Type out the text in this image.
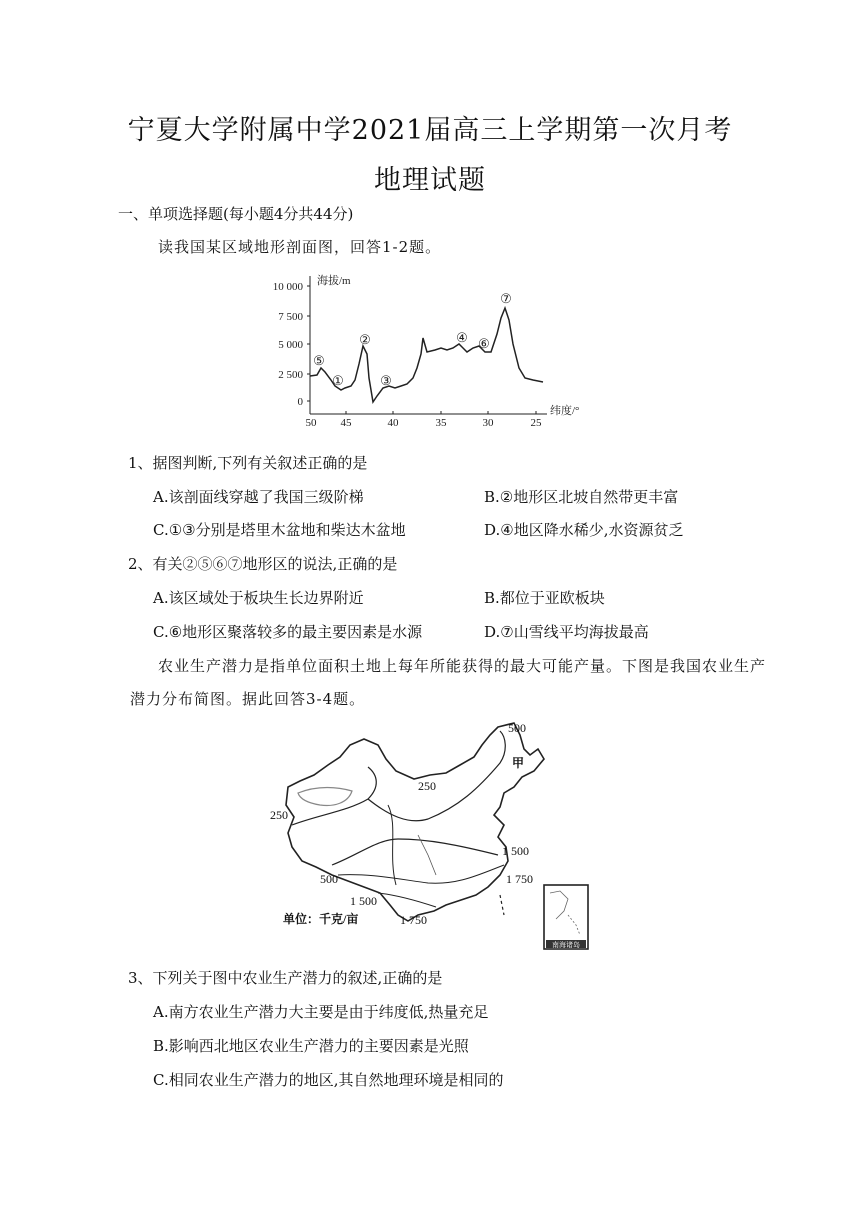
宁夏大学附属中学2021届高三上学期第一次月考
地理试题
一、单项选择题(每小题4分共44分)
读我国某区域地形剖面图，回答1-2题。
海拔/m
10 000
7 500
5 000
2 500
0
50 45	40	35	30	25
纬度/°
①
②
③
④
⑤
⑥
⑦
1、据图判断,下列有关叙述正确的是
A.该剖面线穿越了我国三级阶梯	B.②地形区北坡自然带更丰富
C.①③分别是塔里木盆地和柴达木盆地	D.④地区降水稀少,水资源贫乏
2、有关②⑤⑥⑦地形区的说法,正确的是
A.该区域处于板块生长边界附近	B.都位于亚欧板块
C.⑥地形区聚落较多的最主要因素是水源	D.⑦山雪线平均海拔最高
农业生产潜力是指单位面积土地上每年所能获得的最大可能产量。下图是我国农业生产
潜力分布简图。据此回答3-4题。
500
甲
250
250
1 500
500	1 750
1 500
1 750
单位：千克/亩
南海诸岛
3、下列关于图中农业生产潜力的叙述,正确的是
A.南方农业生产潜力大主要是由于纬度低,热量充足
B.影响西北地区农业生产潜力的主要因素是光照
C.相同农业生产潜力的地区,其自然地理环境是相同的
